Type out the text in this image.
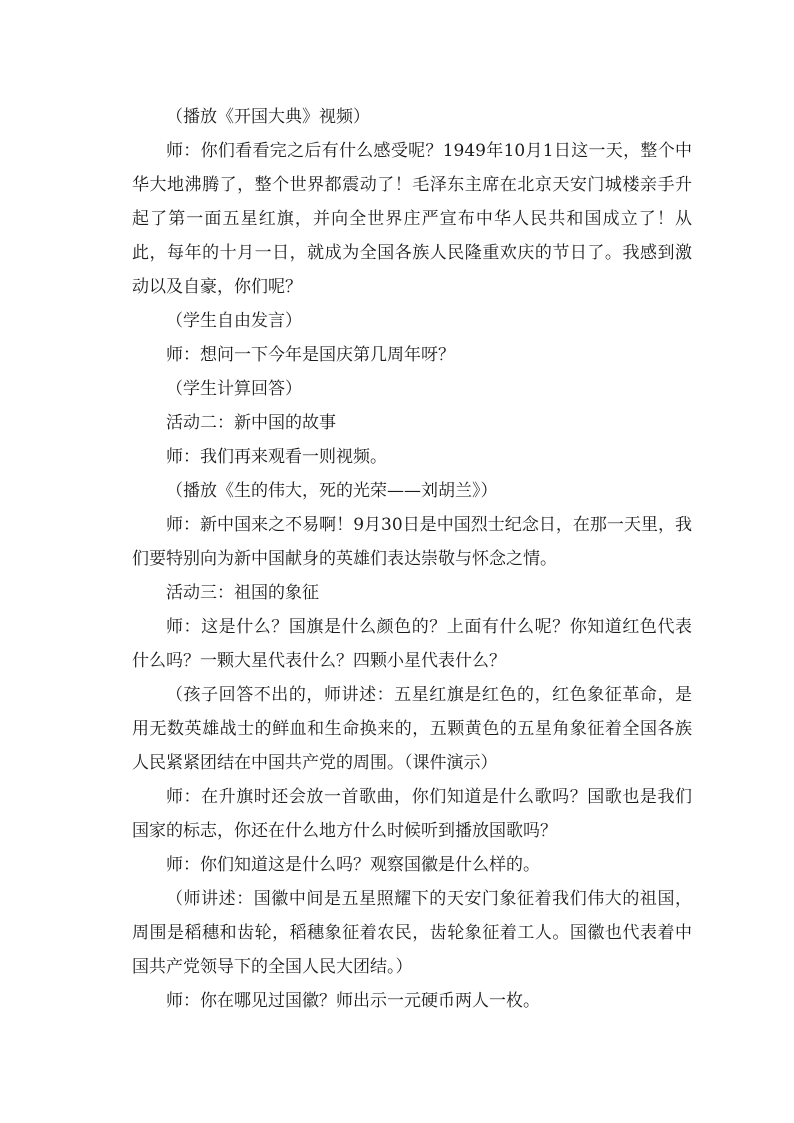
（播放《开国大典》视频）

师：你们看看完之后有什么感受呢？1949年10月1日这一天，整个中华大地沸腾了，整个世界都震动了！毛泽东主席在北京天安门城楼亲手升起了第一面五星红旗，并向全世界庄严宣布中华人民共和国成立了！从此，每年的十月一日，就成为全国各族人民隆重欢庆的节日了。我感到激动以及自豪，你们呢？

（学生自由发言）

师：想问一下今年是国庆第几周年呀？

（学生计算回答）

活动二：新中国的故事

师：我们再来观看一则视频。

（播放《生的伟大，死的光荣——刘胡兰》）

师：新中国来之不易啊！9月30日是中国烈士纪念日，在那一天里，我们要特别向为新中国献身的英雄们表达崇敬与怀念之情。

活动三：祖国的象征

师：这是什么？国旗是什么颜色的？上面有什么呢？你知道红色代表什么吗？一颗大星代表什么？四颗小星代表什么？

（孩子回答不出的，师讲述：五星红旗是红色的，红色象征革命，是用无数英雄战士的鲜血和生命换来的，五颗黄色的五星角象征着全国各族人民紧紧团结在中国共产党的周围。（课件演示）

师：在升旗时还会放一首歌曲，你们知道是什么歌吗？国歌也是我们国家的标志，你还在什么地方什么时候听到播放国歌吗？

师：你们知道这是什么吗？观察国徽是什么样的。

（师讲述：国徽中间是五星照耀下的天安门象征着我们伟大的祖国，周围是稻穗和齿轮，稻穗象征着农民，齿轮象征着工人。国徽也代表着中国共产党领导下的全国人民大团结。）

师：你在哪见过国徽？师出示一元硬币两人一枚。
